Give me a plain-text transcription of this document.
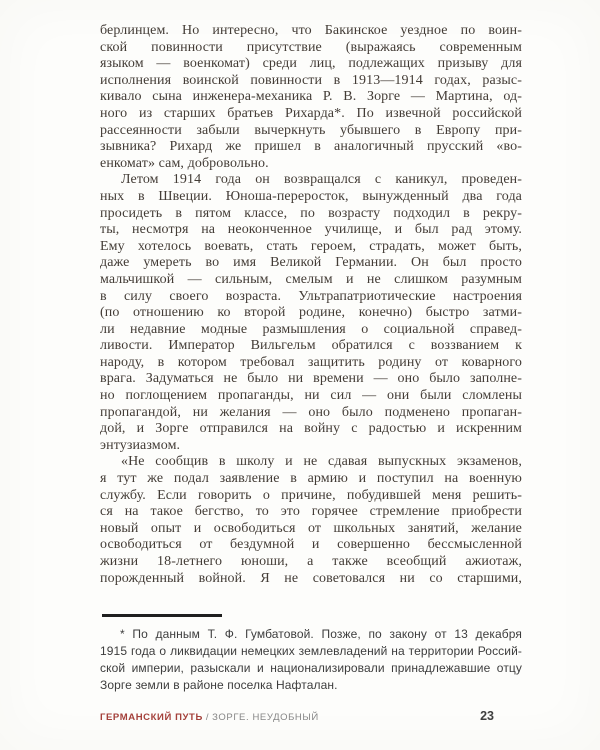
берлинцем. Но интересно, что Бакинское уездное по воин-
ской повинности присутствие (выражаясь современным
языком — военкомат) среди лиц, подлежащих призыву для
исполнения воинской повинности в 1913—1914 годах, разыс-
кивало сына инженера-механика Р. В. Зорге — Мартина, од-
ного из старших братьев Рихарда*. По извечной российской
рассеянности забыли вычеркнуть убывшего в Европу при-
зывника? Рихард же пришел в аналогичный прусский «во-
енкомат» сам, добровольно.
Летом 1914 года он возвращался с каникул, проведен-
ных в Швеции. Юноша-переросток, вынужденный два года
просидеть в пятом классе, по возрасту подходил в рекру-
ты, несмотря на неоконченное училище, и был рад этому.
Ему хотелось воевать, стать героем, страдать, может быть,
даже умереть во имя Великой Германии. Он был просто
мальчишкой — сильным, смелым и не слишком разумным
в силу своего возраста. Ультрапатриотические настроения
(по отношению ко второй родине, конечно) быстро затми-
ли недавние модные размышления о социальной справед-
ливости. Император Вильгельм обратился с воззванием к
народу, в котором требовал защитить родину от коварного
врага. Задуматься не было ни времени — оно было заполне-
но поглощением пропаганды, ни сил — они были сломлены
пропагандой, ни желания — оно было подменено пропаган-
дой, и Зорге отправился на войну с радостью и искренним
энтузиазмом.
«Не сообщив в школу и не сдавая выпускных экзаменов,
я тут же подал заявление в армию и поступил на военную
службу. Если говорить о причине, побудившей меня решить-
ся на такое бегство, то это горячее стремление приобрести
новый опыт и освободиться от школьных занятий, желание
освободиться от бездумной и совершенно бессмысленной
жизни 18-летнего юноши, а также всеобщий ажиотаж,
порожденный войной. Я не советовался ни со старшими,
* По данным Т. Ф. Гумбатовой. Позже, по закону от 13 декабря
1915 года о ликвидации немецких землевладений на территории Россий-
ской империи, разыскали и национализировали принадлежавшие отцу
Зорге земли в районе поселка Нафталан.
ГЕРМАНСКИЙ ПУТЬ / ЗОРГЕ. НЕУДОБНЫЙ	23
